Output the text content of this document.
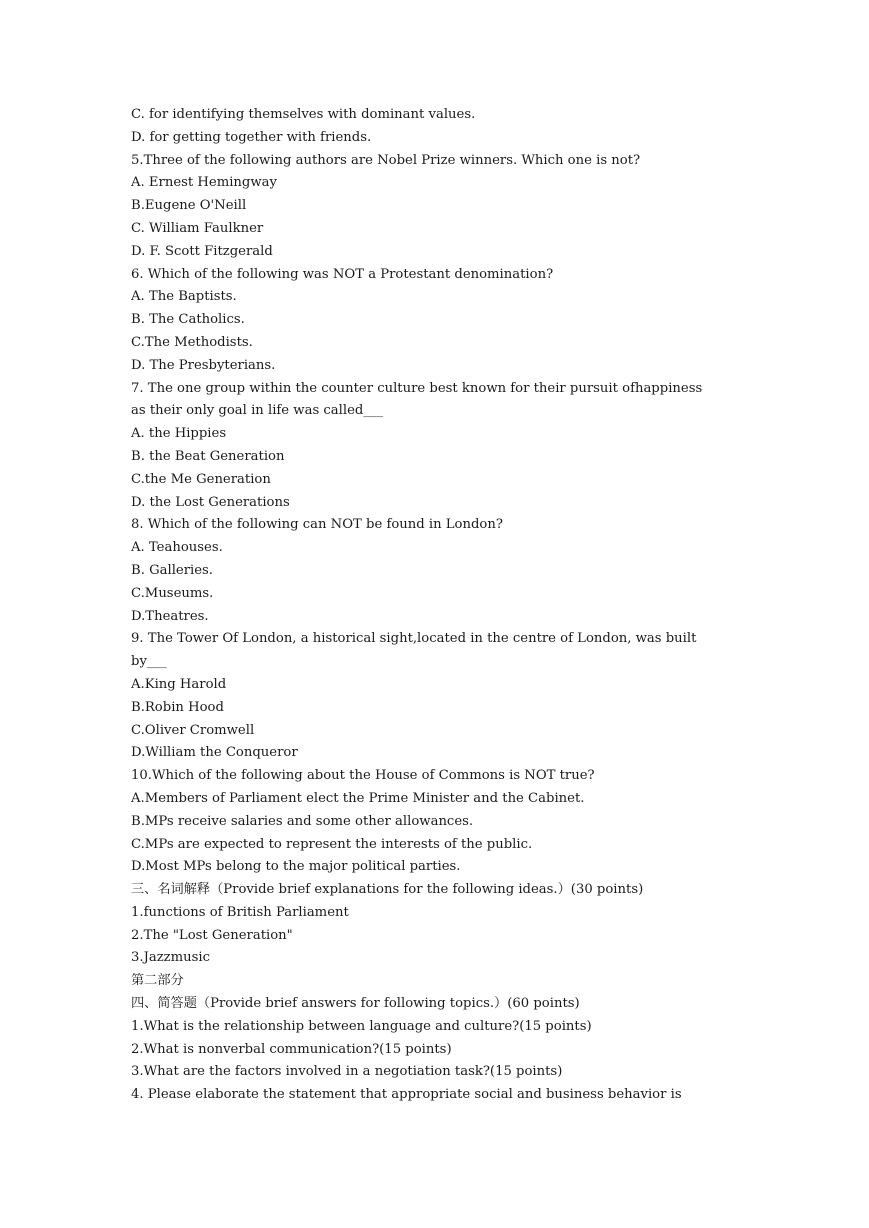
C. for identifying themselves with dominant values.
D. for getting together with friends.
5.Three of the following authors are Nobel Prize winners. Which one is not?
A. Ernest Hemingway
B.Eugene O'Neill
C. William Faulkner
D. F. Scott Fitzgerald
6. Which of the following was NOT a Protestant denomination?
A. The Baptists.
B. The Catholics.
C.The Methodists.
D. The Presbyterians.
7. The one group within the counter culture best known for their pursuit ofhappiness
as their only goal in life was called___
A. the Hippies
B. the Beat Generation
C.the Me Generation
D. the Lost Generations
8. Which of the following can NOT be found in London?
A. Teahouses.
B. Galleries.
C.Museums.
D.Theatres.
9. The Tower Of London, a historical sight,located in the centre of London, was built
by___
A.King Harold
B.Robin Hood
C.Oliver Cromwell
D.William the Conqueror
10.Which of the following about the House of Commons is NOT true?
A.Members of Parliament elect the Prime Minister and the Cabinet.
B.MPs receive salaries and some other allowances.
C.MPs are expected to represent the interests of the public.
D.Most MPs belong to the major political parties.
三、名词解释（Provide brief explanations for the following ideas.）(30 points)
1.functions of British Parliament
2.The "Lost Generation"
3.Jazzmusic
第二部分
四、简答题（Provide brief answers for following topics.）(60 points)
1.What is the relationship between language and culture?(15 points)
2.What is nonverbal communication?(15 points)
3.What are the factors involved in a negotiation task?(15 points)
4. Please elaborate the statement that appropriate social and business behavior is
